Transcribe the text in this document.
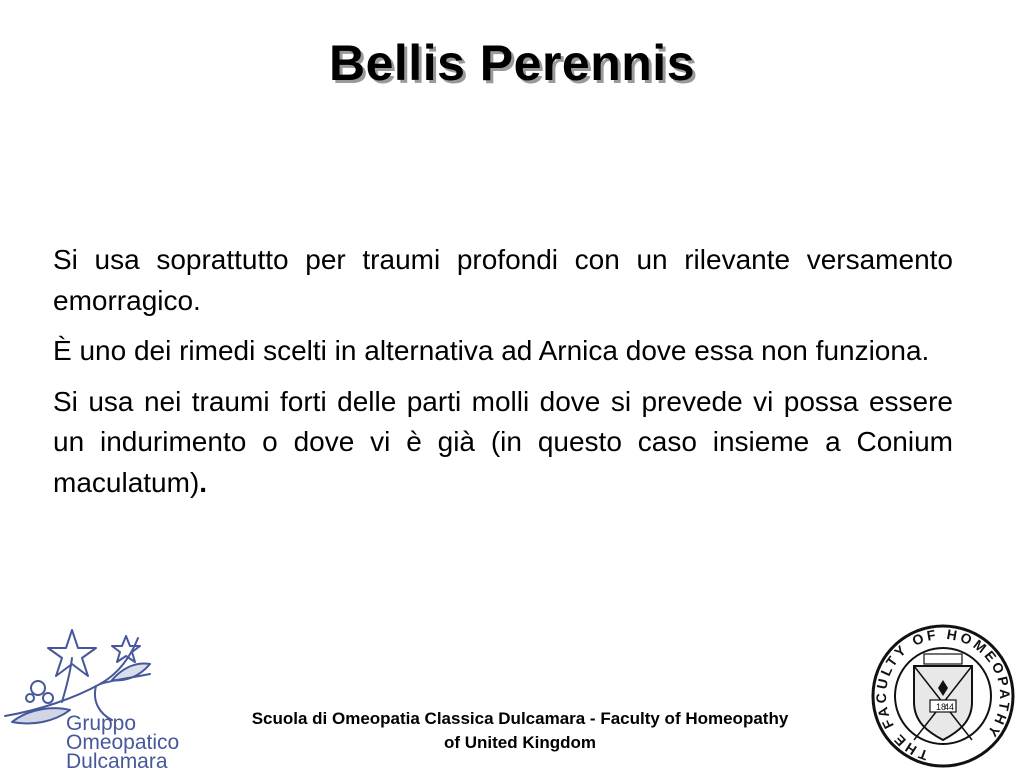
Bellis Perennis

Si usa soprattutto per traumi profondi con un rilevante versamento emorragico.

È uno dei rimedi scelti in alternativa ad Arnica dove essa non funziona.

Si usa nei traumi forti delle parti molli dove si prevede vi possa essere un indurimento o dove vi è già (in questo caso insieme a Conium maculatum).

Gruppo
Omeopatico
Dulcamara
Scuola di Omeopatia Classica Dulcamara - Faculty of Homeopathy
of United Kingdom
THE FACULTY OF HOMEOPATHY
18
44
